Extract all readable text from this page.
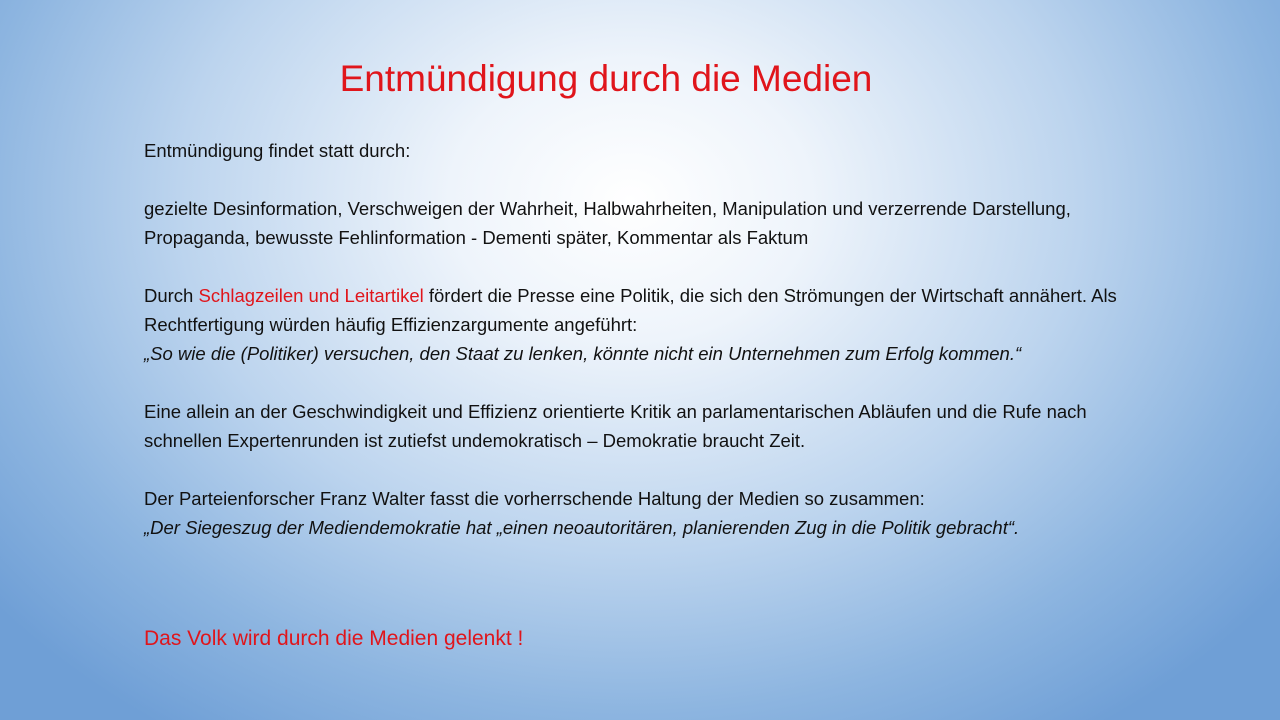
Entmündigung durch die Medien

Entmündigung findet statt durch:

gezielte Desinformation, Verschweigen der Wahrheit, Halbwahrheiten, Manipulation und verzerrende Darstellung, Propaganda, bewusste Fehlinformation - Dementi später, Kommentar als Faktum

Durch Schlagzeilen und Leitartikel fördert die Presse eine Politik, die sich den Strömungen der Wirtschaft annähert. Als Rechtfertigung würden häufig Effizienzargumente angeführt:

„So wie die (Politiker) versuchen, den Staat zu lenken, könnte nicht ein Unternehmen zum Erfolg kommen.“

Eine allein an der Geschwindigkeit und Effizienz orientierte Kritik an parlamentarischen Abläufen und die Rufe nach schnellen Expertenrunden ist zutiefst undemokratisch – Demokratie braucht Zeit.

Der Parteienforscher Franz Walter fasst die vorherrschende Haltung der Medien so zusammen:

„Der Siegeszug der Mediendemokratie hat „einen neoautoritären, planierenden Zug in die Politik gebracht“.

Das Volk wird durch die Medien gelenkt !
